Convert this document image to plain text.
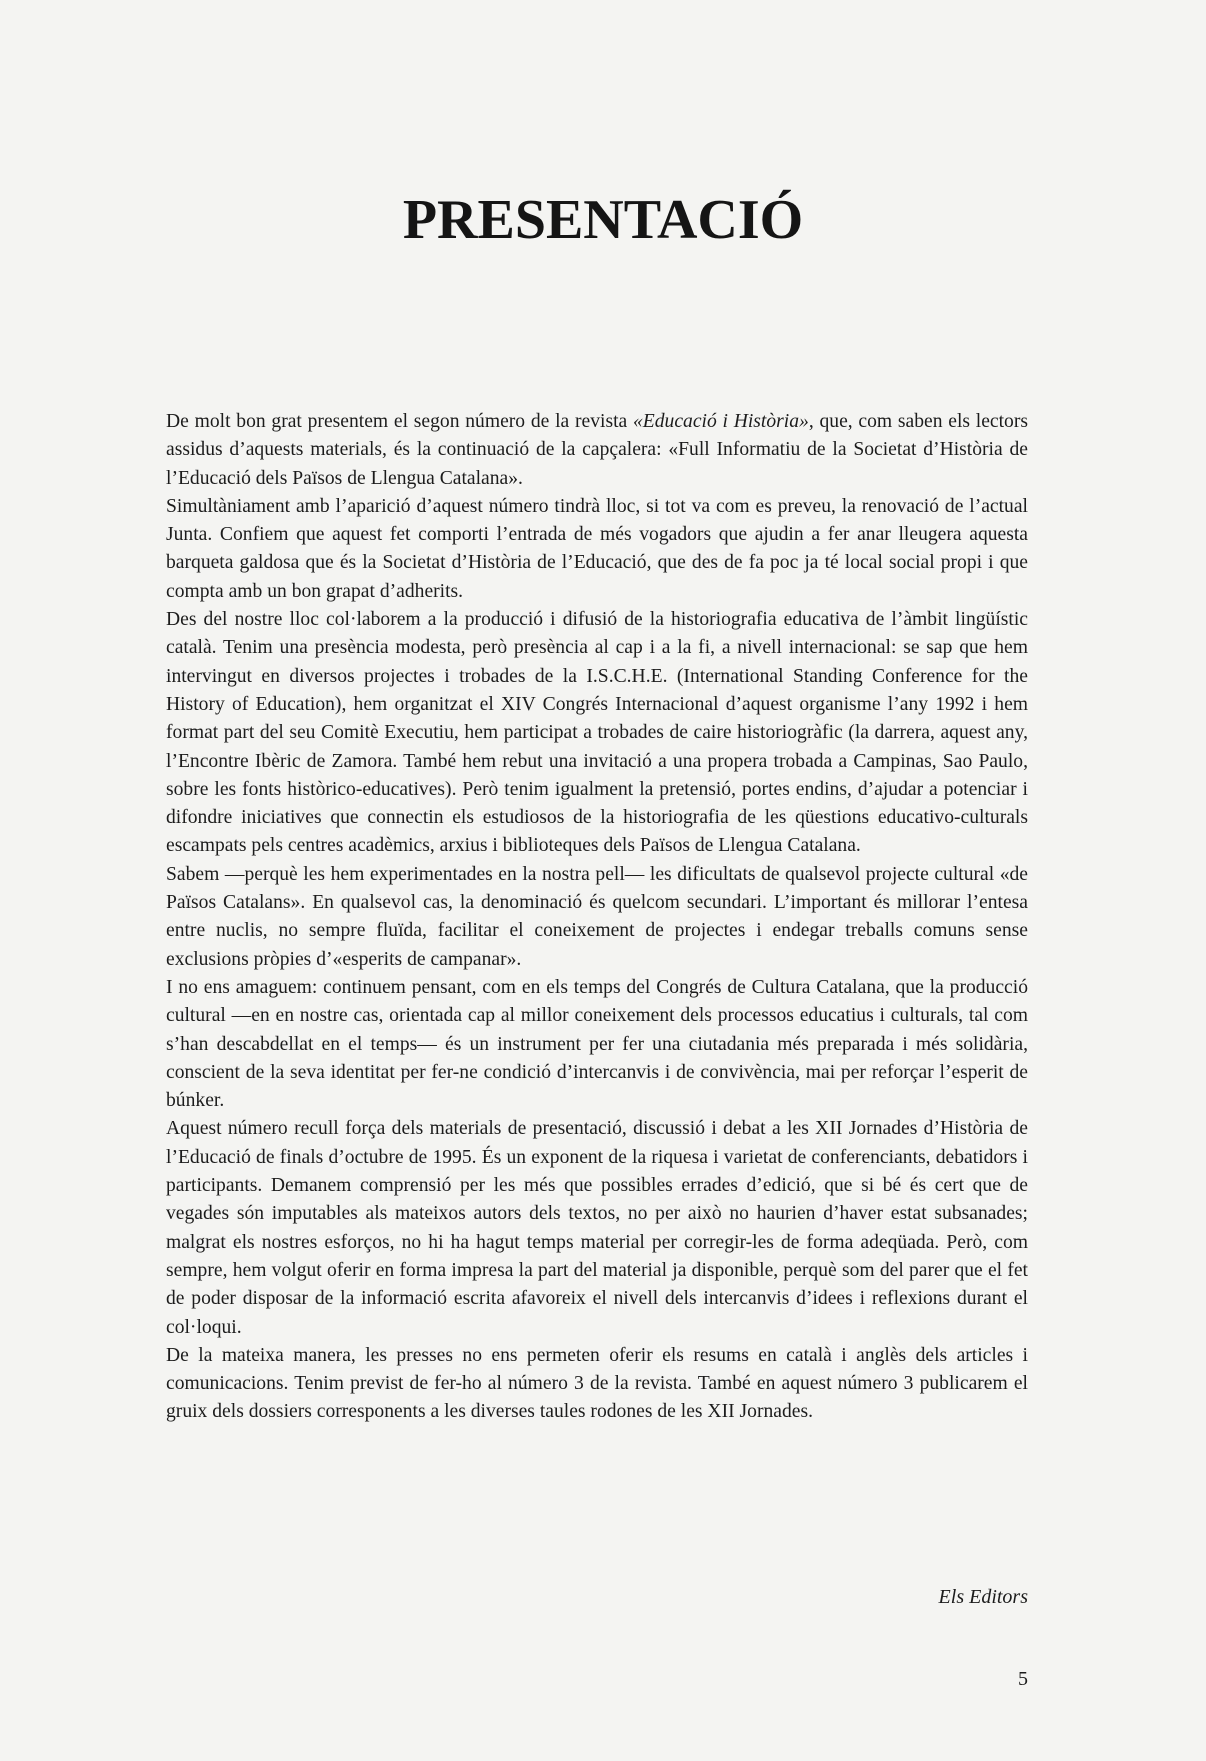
PRESENTACIÓ

De molt bon grat presentem el segon número de la revista «Educació i Història», que, com saben els lectors assidus d’aquests materials, és la continuació de la capçalera: «Full Informatiu de la Societat d’Història de l’Educació dels Països de Llengua Catalana».

Simultàniament amb l’aparició d’aquest número tindrà lloc, si tot va com es preveu, la renovació de l’actual Junta. Confiem que aquest fet comporti l’entrada de més vogadors que ajudin a fer anar lleugera aquesta barqueta galdosa que és la Societat d’Història de l’Educació, que des de fa poc ja té local social propi i que compta amb un bon grapat d’adherits.

Des del nostre lloc col·laborem a la producció i difusió de la historiografia educativa de l’àmbit lingüístic català. Tenim una presència modesta, però presència al cap i a la fi, a nivell internacional: se sap que hem intervingut en diversos projectes i trobades de la I.S.C.H.E. (International Standing Conference for the History of Education), hem organitzat el XIV Congrés Internacional d’aquest organisme l’any 1992 i hem format part del seu Comitè Executiu, hem participat a trobades de caire historiogràfic (la darrera, aquest any, l’Encontre Ibèric de Zamora. També hem rebut una invitació a una propera trobada a Campinas, Sao Paulo, sobre les fonts històrico-educatives). Però tenim igualment la pretensió, portes endins, d’ajudar a potenciar i difondre iniciatives que connectin els estudiosos de la historiografia de les qüestions educativo-culturals escampats pels centres acadèmics, arxius i biblioteques dels Països de Llengua Catalana.

Sabem —perquè les hem experimentades en la nostra pell— les dificultats de qualsevol projecte cultural «de Països Catalans». En qualsevol cas, la denominació és quelcom secundari. L’important és millorar l’entesa entre nuclis, no sempre fluïda, facilitar el coneixement de projectes i endegar treballs comuns sense exclusions pròpies d’«esperits de campanar».

I no ens amaguem: continuem pensant, com en els temps del Congrés de Cultura Catalana, que la producció cultural —en en nostre cas, orientada cap al millor coneixement dels processos educatius i culturals, tal com s’han descabdellat en el temps— és un instrument per fer una ciutadania més preparada i més solidària, conscient de la seva identitat per fer-ne condició d’intercanvis i de convivència, mai per reforçar l’esperit de búnker.

Aquest número recull força dels materials de presentació, discussió i debat a les XII Jornades d’Història de l’Educació de finals d’octubre de 1995. És un exponent de la riquesa i varietat de conferenciants, debatidors i participants. Demanem comprensió per les més que possibles errades d’edició, que si bé és cert que de vegades són imputables als mateixos autors dels textos, no per això no haurien d’haver estat subsanades; malgrat els nostres esforços, no hi ha hagut temps material per corregir-les de forma adeqüada. Però, com sempre, hem volgut oferir en forma impresa la part del material ja disponible, perquè som del parer que el fet de poder disposar de la informació escrita afavoreix el nivell dels intercanvis d’idees i reflexions durant el col·loqui.

De la mateixa manera, les presses no ens permeten oferir els resums en català i anglès dels articles i comunicacions. Tenim previst de fer-ho al número 3 de la revista. També en aquest número 3 publicarem el gruix dels dossiers corresponents a les diverses taules rodones de les XII Jornades.

Els Editors
5
